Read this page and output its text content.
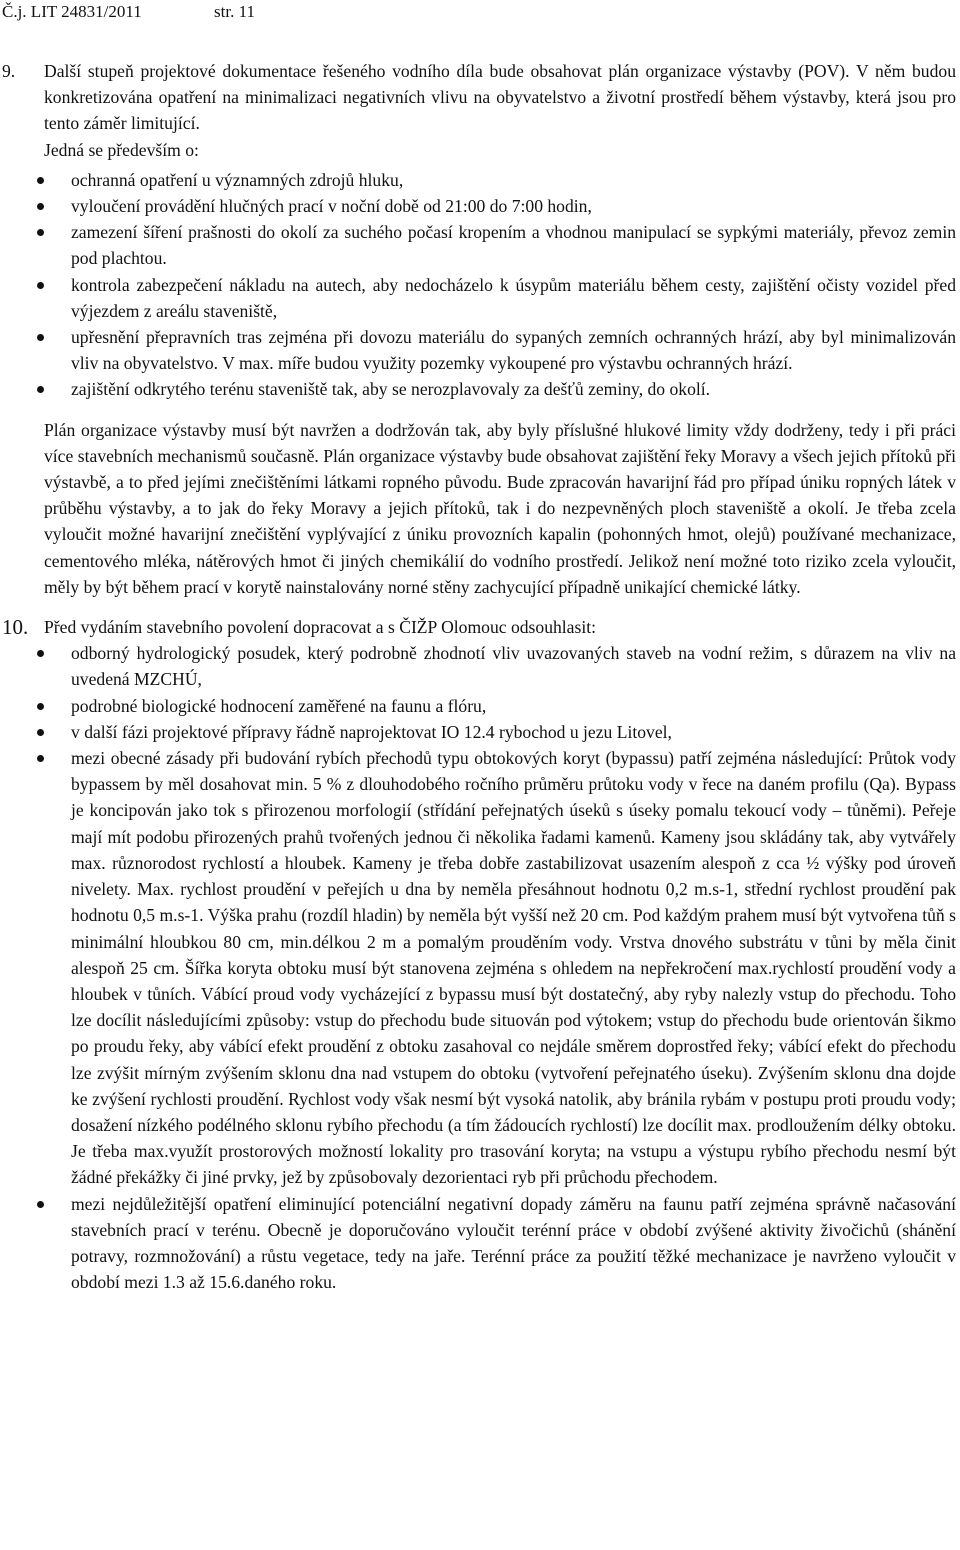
Č.j. LIT 24831/2011	str. 11
9. Další stupeň projektové dokumentace řešeného vodního díla bude obsahovat plán organizace výstavby (POV). V něm budou konkretizována opatření na minimalizaci negativních vlivu na obyvatelstvo a životní prostředí během výstavby, která jsou pro tento záměr limitující.

Jedná se především o:
ochranná opatření u významných zdrojů hluku,
vyloučení provádění hlučných prací v noční době od 21:00 do 7:00 hodin,
zamezení šíření prašnosti do okolí za suchého počasí kropením a vhodnou manipulací se sypkými materiály, převoz zemin pod plachtou.
kontrola zabezpečení nákladu na autech, aby nedocházelo k úsypům materiálu během cesty, zajištění očisty vozidel před výjezdem z areálu staveniště,
upřesnění přepravních tras zejména při dovozu materiálu do sypaných zemních ochranných hrází, aby byl minimalizován vliv na obyvatelstvo. V max. míře budou využity pozemky vykoupené pro výstavbu ochranných hrází.
zajištění odkrytého terénu staveniště tak, aby se nerozplavovaly za dešťů zeminy, do okolí.

Plán organizace výstavby musí být navržen a dodržován tak, aby byly příslušné hlukové limity vždy dodrženy, tedy i při práci více stavebních mechanismů současně. Plán organizace výstavby bude obsahovat zajištění řeky Moravy a všech jejich přítoků při výstavbě, a to před jejími znečištěními látkami ropného původu. Bude zpracován havarijní řád pro případ úniku ropných látek v průběhu výstavby, a to jak do řeky Moravy a jejich přítoků, tak i do nezpevněných ploch staveniště a okolí. Je třeba zcela vyloučit možné havarijní znečištění vyplývající z úniku provozních kapalin (pohonných hmot, olejů) používané mechanizace, cementového mléka, nátěrových hmot či jiných chemikálií do vodního prostředí. Jelikož není možné toto riziko zcela vyloučit, měly by být během prací v korytě nainstalovány norné stěny zachycující případně unikající chemické látky.

10. Před vydáním stavebního povolení dopracovat a s ČIŽP Olomouc odsouhlasit:

odborný hydrologický posudek, který podrobně zhodnotí vliv uvazovaných staveb na vodní režim, s důrazem na vliv na uvedená MZCHÚ,
podrobné biologické hodnocení zaměřené na faunu a flóru,
v další fázi projektové přípravy řádně naprojektovat IO 12.4 rybochod u jezu Litovel,
mezi obecné zásady při budování rybích přechodů typu obtokových koryt (bypassu) patří zejména následující: Průtok vody bypassem by měl dosahovat min. 5 % z dlouhodobého ročního průměru průtoku vody v řece na daném profilu (Qa). Bypass je koncipován jako tok s přirozenou morfologií (střídání peřejnatých úseků s úseky pomalu tekoucí vody – tůněmi). Peřeje mají mít podobu přirozených prahů tvořených jednou či několika řadami kamenů. Kameny jsou skládány tak, aby vytvářely max. různorodost rychlostí a hloubek. Kameny je třeba dobře zastabilizovat usazením alespoň z cca ½ výšky pod úroveň nivelety. Max. rychlost proudění v peřejích u dna by neměla přesáhnout hodnotu 0,2 m.s-1, střední rychlost proudění pak hodnotu 0,5 m.s-1. Výška prahu (rozdíl hladin) by neměla být vyšší než 20 cm. Pod každým prahem musí být vytvořena tůň s minimální hloubkou 80 cm, min.délkou 2 m a pomalým prouděním vody. Vrstva dnového substrátu v tůni by měla činit alespoň 25 cm. Šířka koryta obtoku musí být stanovena zejména s ohledem na nepřekročení max.rychlostí proudění vody a hloubek v tůních. Vábící proud vody vycházející z bypassu musí být dostatečný, aby ryby nalezly vstup do přechodu. Toho lze docílit následujícími způsoby: vstup do přechodu bude situován pod výtokem; vstup do přechodu bude orientován šikmo po proudu řeky, aby vábící efekt proudění z obtoku zasahoval co nejdále směrem doprostřed řeky; vábící efekt do přechodu lze zvýšit mírným zvýšením sklonu dna nad vstupem do obtoku (vytvoření peřejnatého úseku). Zvýšením sklonu dna dojde ke zvýšení rychlosti proudění. Rychlost vody však nesmí být vysoká natolik, aby bránila rybám v postupu proti proudu vody; dosažení nízkého podélného sklonu rybího přechodu (a tím žádoucích rychlostí) lze docílit max. prodloužením délky obtoku. Je třeba max.využít prostorových možností lokality pro trasování koryta; na vstupu a výstupu rybího přechodu nesmí být žádné překážky či jiné prvky, jež by způsobovaly dezorientaci ryb při průchodu přechodem.
mezi nejdůležitější opatření eliminující potenciální negativní dopady záměru na faunu patří zejména správně načasování stavebních prací v terénu. Obecně je doporučováno vyloučit terénní práce v období zvýšené aktivity živočichů (shánění potravy, rozmnožování) a růstu vegetace, tedy na jaře. Terénní práce za použití těžké mechanizace je navrženo vyloučit v období mezi 1.3 až 15.6.daného roku.
